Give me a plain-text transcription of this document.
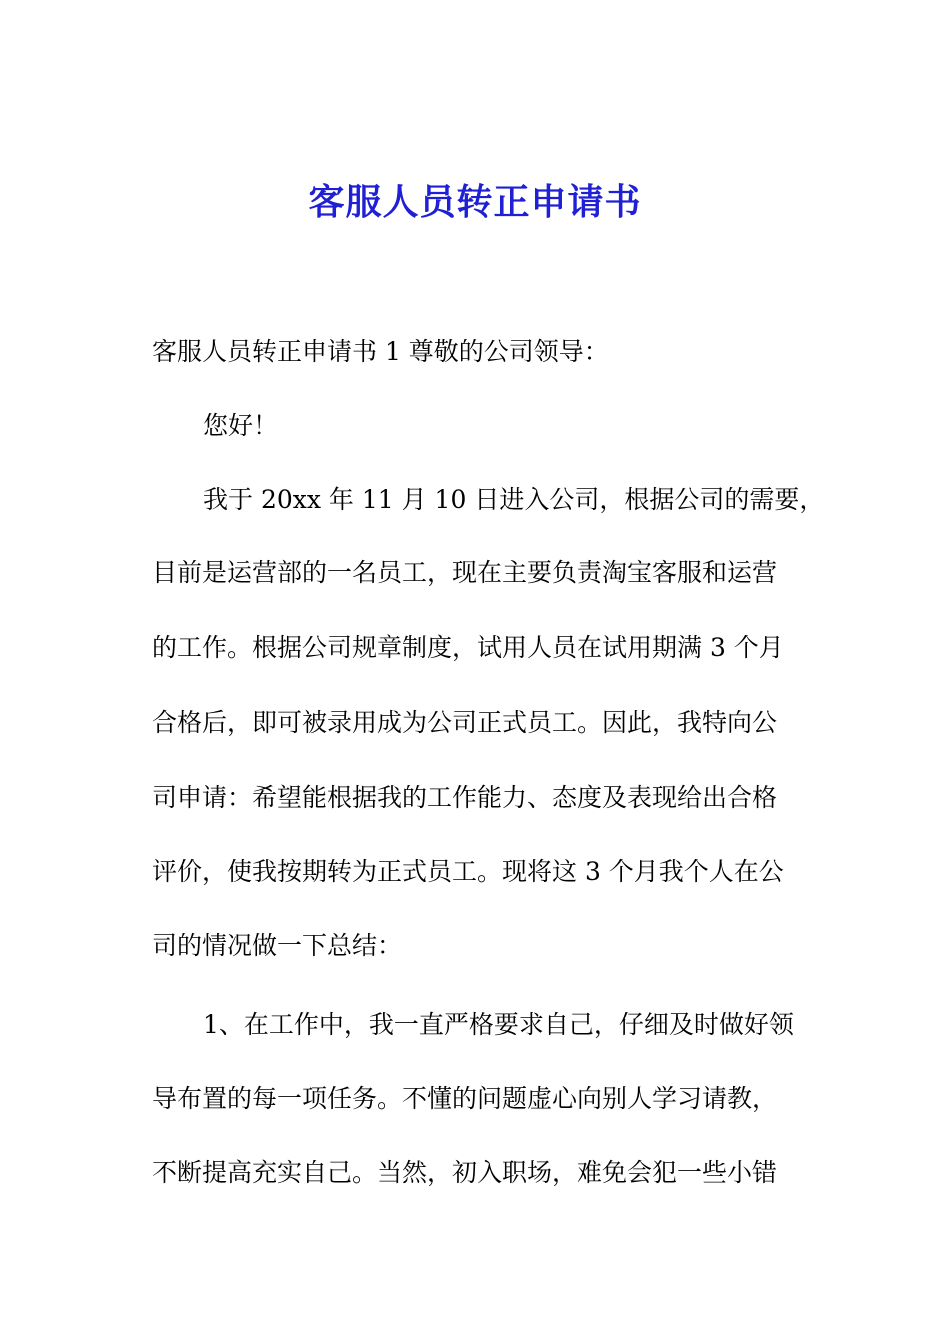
客服人员转正申请书
客服人员转正申请书 1 尊敬的公司领导：
您好！
我于 20xx 年 11 月 10 日进入公司，根据公司的需要，
目前是运营部的一名员工，现在主要负责淘宝客服和运营
的工作。根据公司规章制度，试用人员在试用期满 3 个月
合格后，即可被录用成为公司正式员工。因此，我特向公
司申请：希望能根据我的工作能力、态度及表现给出合格
评价，使我按期转为正式员工。现将这 3 个月我个人在公
司的情况做一下总结：
1、在工作中，我一直严格要求自己，仔细及时做好领
导布置的每一项任务。不懂的问题虚心向别人学习请教，
不断提高充实自己。当然，初入职场，难免会犯一些小错
